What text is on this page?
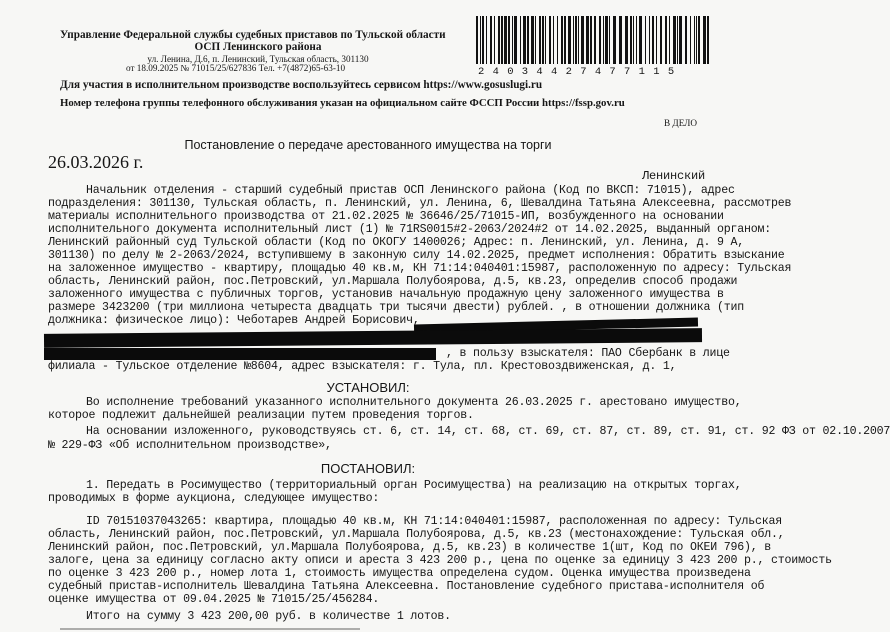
Управление Федеральной службы судебных приставов по Тульской области
ОСП Ленинского района
ул. Ленина, Д.6, п. Ленинский, Тульская область, 301130
от 18.09.2025 № 71015/25/627836 Тел. +7(4872)65-63-10
Для участия в исполнительном производстве воспользуйтесь сервисом https://www.gosuslugi.ru
Номер телефона группы телефонного обслуживания указан на официальном сайте ФССП России https://fssp.gov.ru
В ДЕЛО
2 4 0 3 4 4 2 7 4 7 7 1 1 5
Постановление о передаче арестованного имущества на торги
26.03.2026 г.
Ленинский
Начальник отделения - старший судебный пристав ОСП Ленинского района (Код по ВКСП: 71015), адрес
подразделения: 301130, Тульская область, п. Ленинский, ул. Ленина, 6, Шевалдина Татьяна Алексеевна, рассмотрев
материалы исполнительного производства от 21.02.2025 № 36646/25/71015-ИП, возбужденного на основании
исполнительного документа исполнительный лист (1) № 71RS0015#2-2063/2024#2 от 14.02.2025, выданный органом:
Ленинский районный суд Тульской области (Код по ОКОГУ 1400026; Адрес: п. Ленинский, ул. Ленина, д. 9 А,
301130) по делу № 2-2063/2024, вступившему в законную силу 14.02.2025, предмет исполнения: Обратить взыскание
на заложенное имущество - квартиру, площадью 40 кв.м, КН 71:14:040401:15987, расположенную по адресу: Тульская
область, Ленинский район, пос.Петровский, ул.Маршала Полубоярова, д.5, кв.23, определив способ продажи
заложенного имущества с публичных торгов, установив начальную продажную цену заложенного имущества в
размере 3423200 (три миллиона четыреста двадцать три тысячи двести) рублей. , в отношении должника (тип
должника: физическое лицо): Чеботарев Андрей Борисович,
, в пользу взыскателя: ПАО Сбербанк в лице
филиала - Тульское отделение №8604, адрес взыскателя: г. Тула, пл. Крестовоздвиженская, д. 1,
УСТАНОВИЛ:
Во исполнение требований указанного исполнительного документа 26.03.2025 г. арестовано имущество,
которое подлежит дальнейшей реализации путем проведения торгов.
На основании изложенного, руководствуясь ст. 6, ст. 14, ст. 68, ст. 69, ст. 87, ст. 89, ст. 91, ст. 92 ФЗ от 02.10.2007
№ 229-ФЗ «Об исполнительном производстве»,
ПОСТАНОВИЛ:
1. Передать в Росимущество (территориальный орган Росимущества) на реализацию на открытых торгах,
проводимых в форме аукциона, следующее имущество:
ID 70151037043265: квартира, площадью 40 кв.м, КН 71:14:040401:15987, расположенная по адресу: Тульская
область, Ленинский район, пос.Петровский, ул.Маршала Полубоярова, д.5, кв.23 (местонахождение: Тульская обл.,
Ленинский район, пос.Петровский, ул.Маршала Полубоярова, д.5, кв.23) в количестве 1(шт, Код по ОКЕИ 796), в
залоге, цена за единицу согласно акту описи и ареста 3 423 200 р., цена по оценке за единицу 3 423 200 р., стоимость
по оценке 3 423 200 р., номер лота 1, стоимость имущества определена судом. Оценка имущества произведена
судебный пристав-исполнитель Шевалдина Татьяна Алексеевна. Постановление судебного пристава-исполнителя об
оценке имущества от 09.04.2025 № 71015/25/456284.
Итого на сумму 3 423 200,00 руб. в количестве 1 лотов.
